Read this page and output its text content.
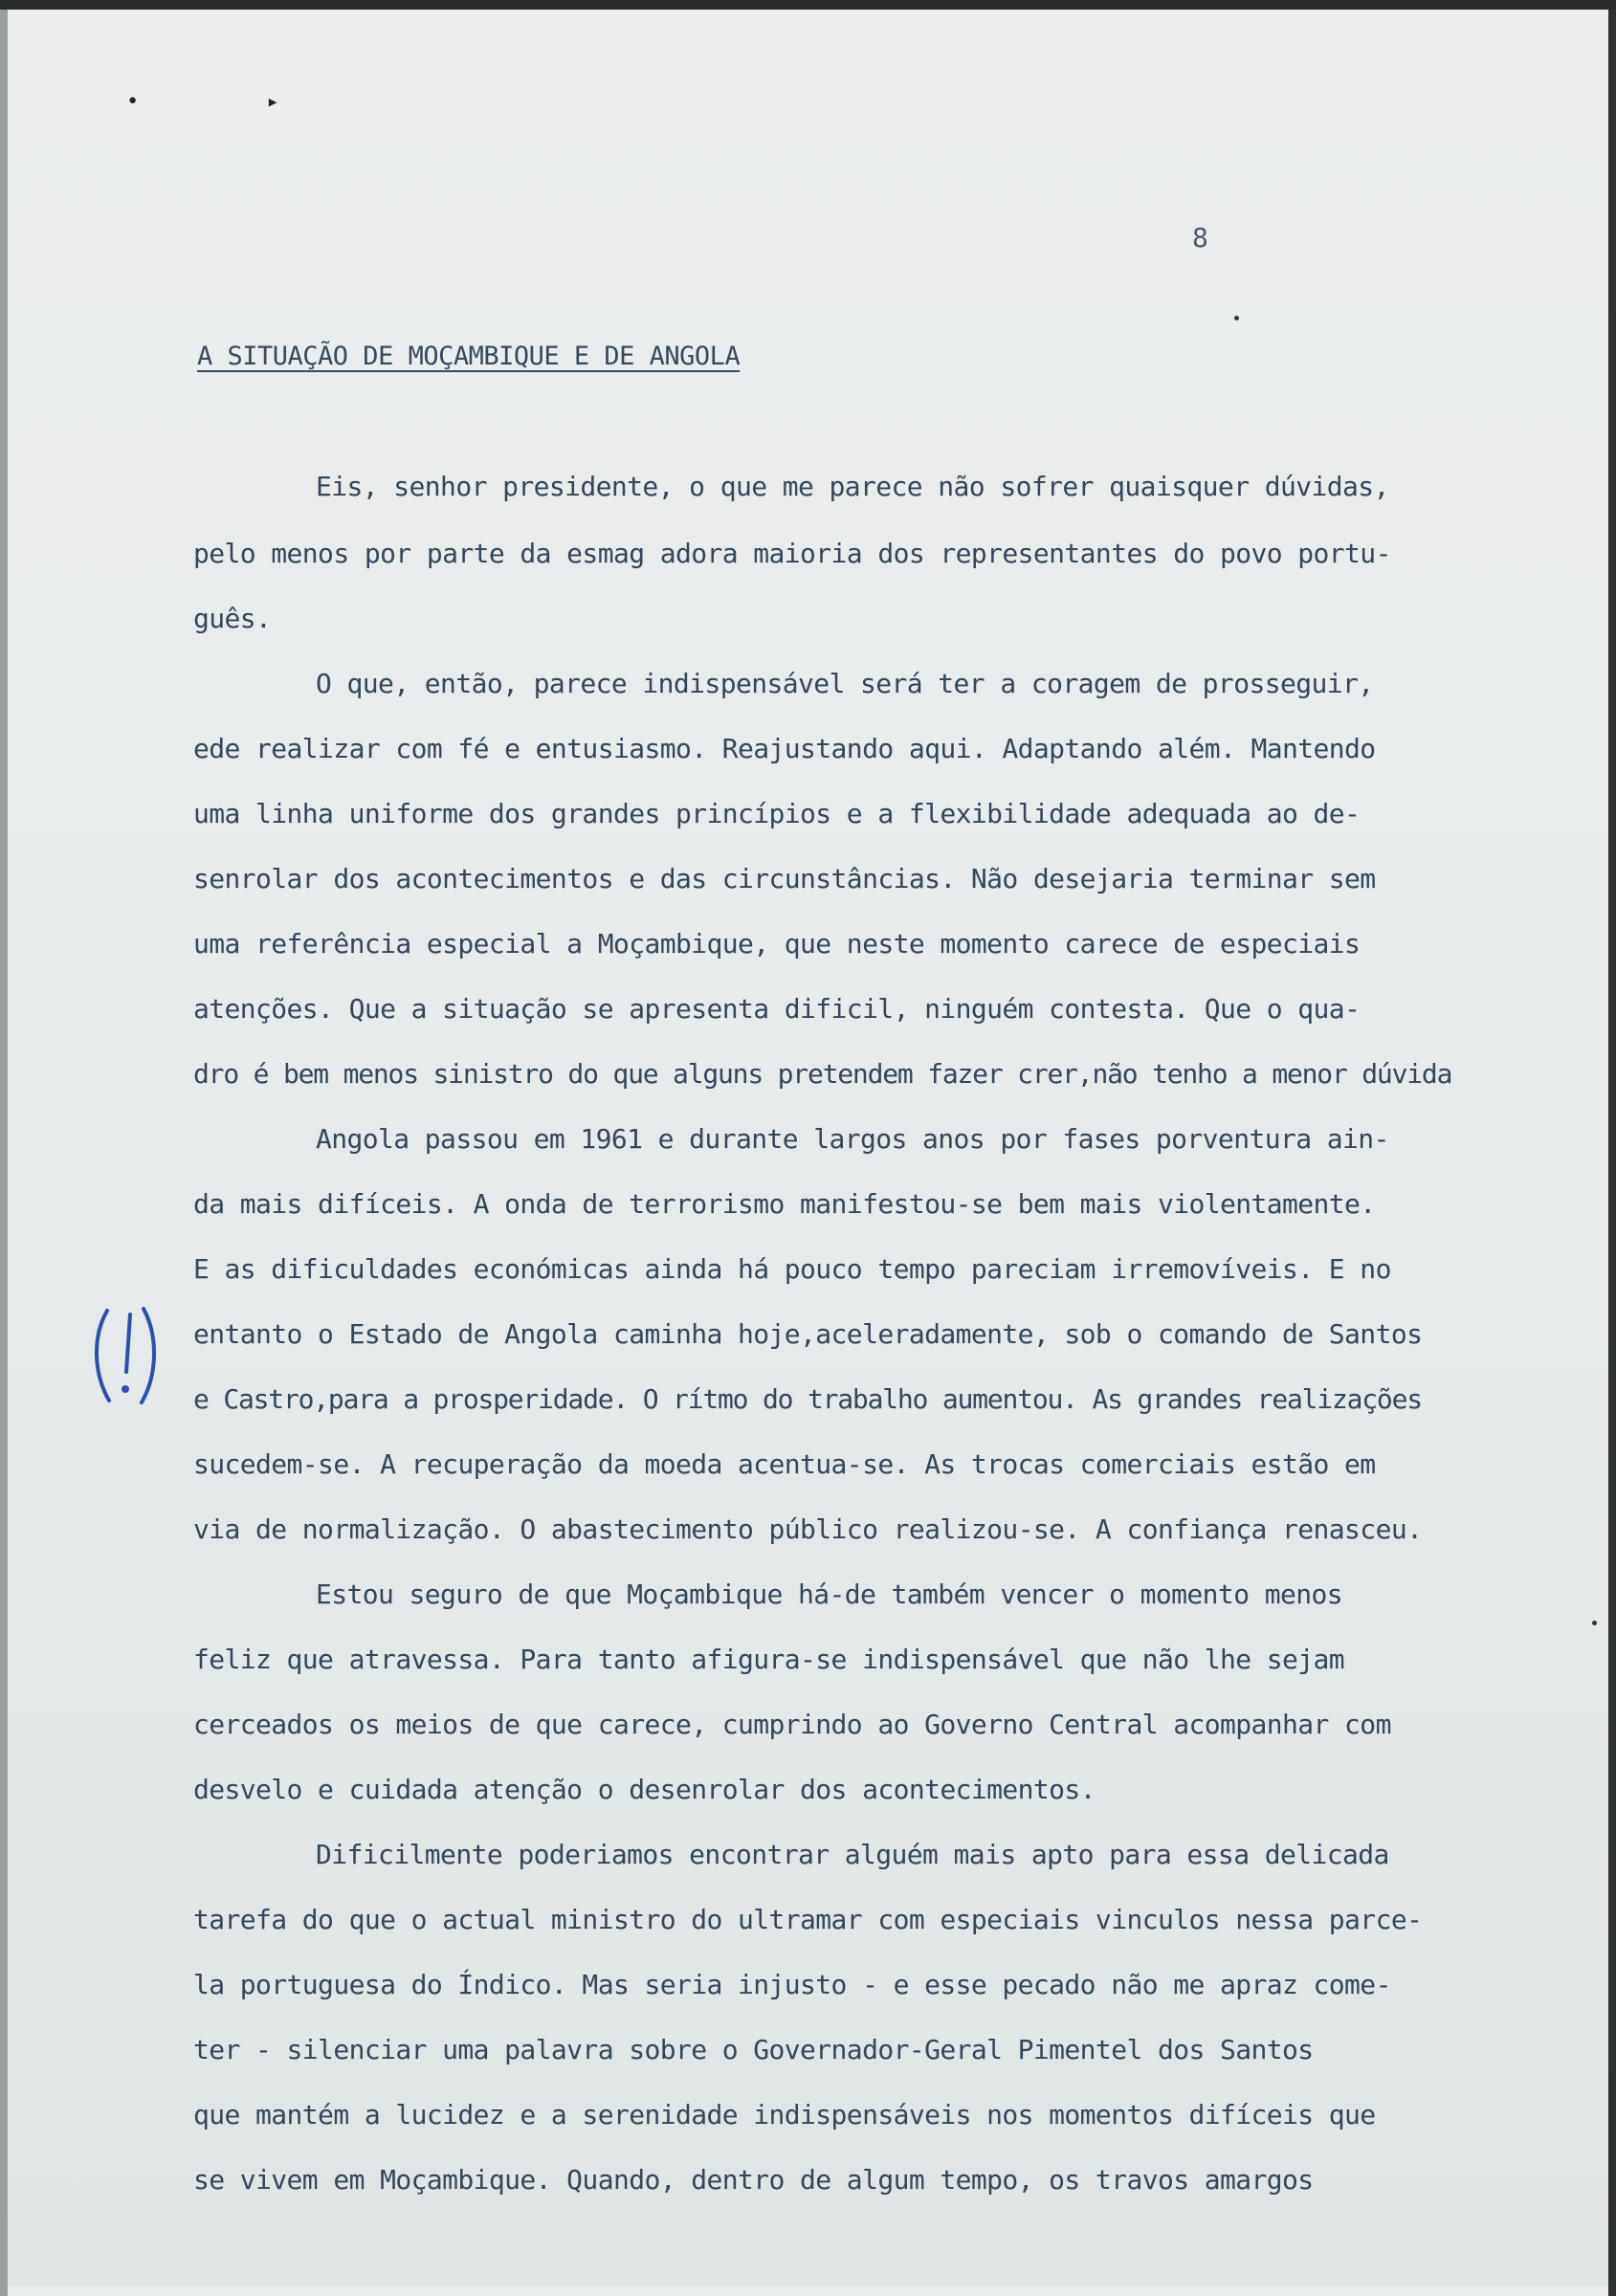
• ▸
8
A SITUAÇÃO DE MOÇAMBIQUE E DE ANGOLA
Eis, senhor presidente, o que me parece não sofrer quaisquer dúvidas,
pelo menos por parte da esmag adora maioria dos representantes do povo portu-
guês.
O que, então, parece indispensável será ter a coragem de prosseguir,
ede realizar com fé e entusiasmo. Reajustando aqui. Adaptando além. Mantendo
uma linha uniforme dos grandes princípios e a flexibilidade adequada ao de-
senrolar dos acontecimentos e das circunstâncias. Não desejaria terminar sem
uma referência especial a Moçambique, que neste momento carece de especiais
atenções. Que a situação se apresenta dificil, ninguém contesta. Que o qua-
dro é bem menos sinistro do que alguns pretendem fazer crer,não tenho a menor dúvida
Angola passou em 1961 e durante largos anos por fases porventura ain-
da mais difíceis. A onda de terrorismo manifestou-se bem mais violentamente.
E as dificuldades económicas ainda há pouco tempo pareciam irremovíveis. E no
entanto o Estado de Angola caminha hoje,aceleradamente, sob o comando de Santos
e Castro,para a prosperidade. O rítmo do trabalho aumentou. As grandes realizações
sucedem-se. A recuperação da moeda acentua-se. As trocas comerciais estão em
via de normalização. O abastecimento público realizou-se. A confiança renasceu.
Estou seguro de que Moçambique há-de também vencer o momento menos
feliz que atravessa. Para tanto afigura-se indispensável que não lhe sejam
cerceados os meios de que carece, cumprindo ao Governo Central acompanhar com
desvelo e cuidada atenção o desenrolar dos acontecimentos.
Dificilmente poderiamos encontrar alguém mais apto para essa delicada
tarefa do que o actual ministro do ultramar com especiais vinculos nessa parce-
la portuguesa do Índico. Mas seria injusto - e esse pecado não me apraz come-
ter - silenciar uma palavra sobre o Governador-Geral Pimentel dos Santos
que mantém a lucidez e a serenidade indispensáveis nos momentos difíceis que
se vivem em Moçambique. Quando, dentro de algum tempo, os travos amargos
